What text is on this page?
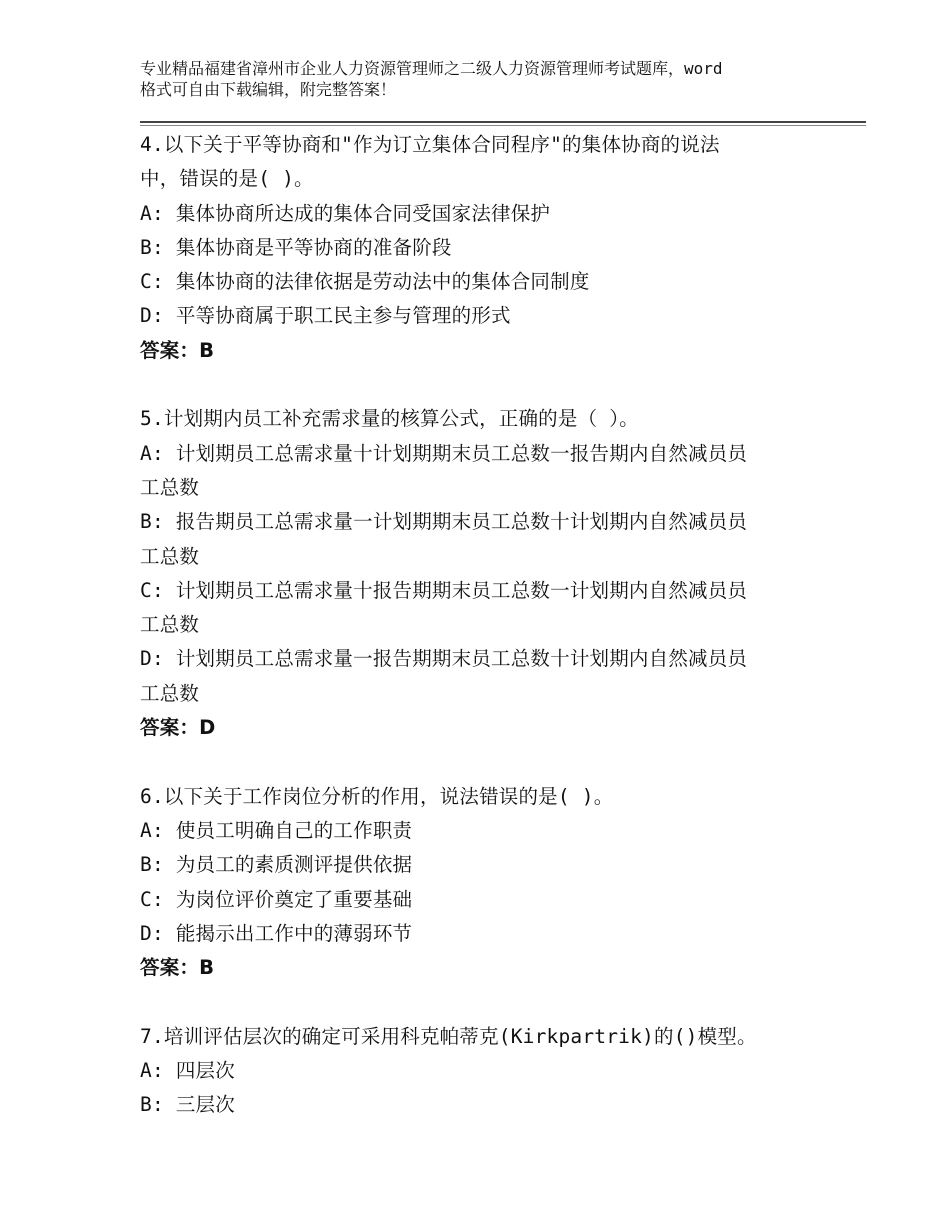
专业精品福建省漳州市企业人力资源管理师之二级人力资源管理师考试题库，word
格式可自由下载编辑，附完整答案！
4.以下关于平等协商和"作为订立集体合同程序"的集体协商的说法
中，错误的是( )。
A: 集体协商所达成的集体合同受国家法律保护
B: 集体协商是平等协商的准备阶段
C: 集体协商的法律依据是劳动法中的集体合同制度
D: 平等协商属于职工民主参与管理的形式
答案：B
5.计划期内员工补充需求量的核算公式，正确的是（ ）。
A: 计划期员工总需求量十计划期期末员工总数一报告期内自然减员员
工总数
B: 报告期员工总需求量一计划期期末员工总数十计划期内自然减员员
工总数
C: 计划期员工总需求量十报告期期末员工总数一计划期内自然减员员
工总数
D: 计划期员工总需求量一报告期期末员工总数十计划期内自然减员员
工总数
答案：D
6.以下关于工作岗位分析的作用，说法错误的是( )。
A: 使员工明确自己的工作职责
B: 为员工的素质测评提供依据
C: 为岗位评价奠定了重要基础
D: 能揭示出工作中的薄弱环节
答案：B
7.培训评估层次的确定可采用科克帕蒂克(Kirkpartrik)的()模型。
A: 四层次
B: 三层次
